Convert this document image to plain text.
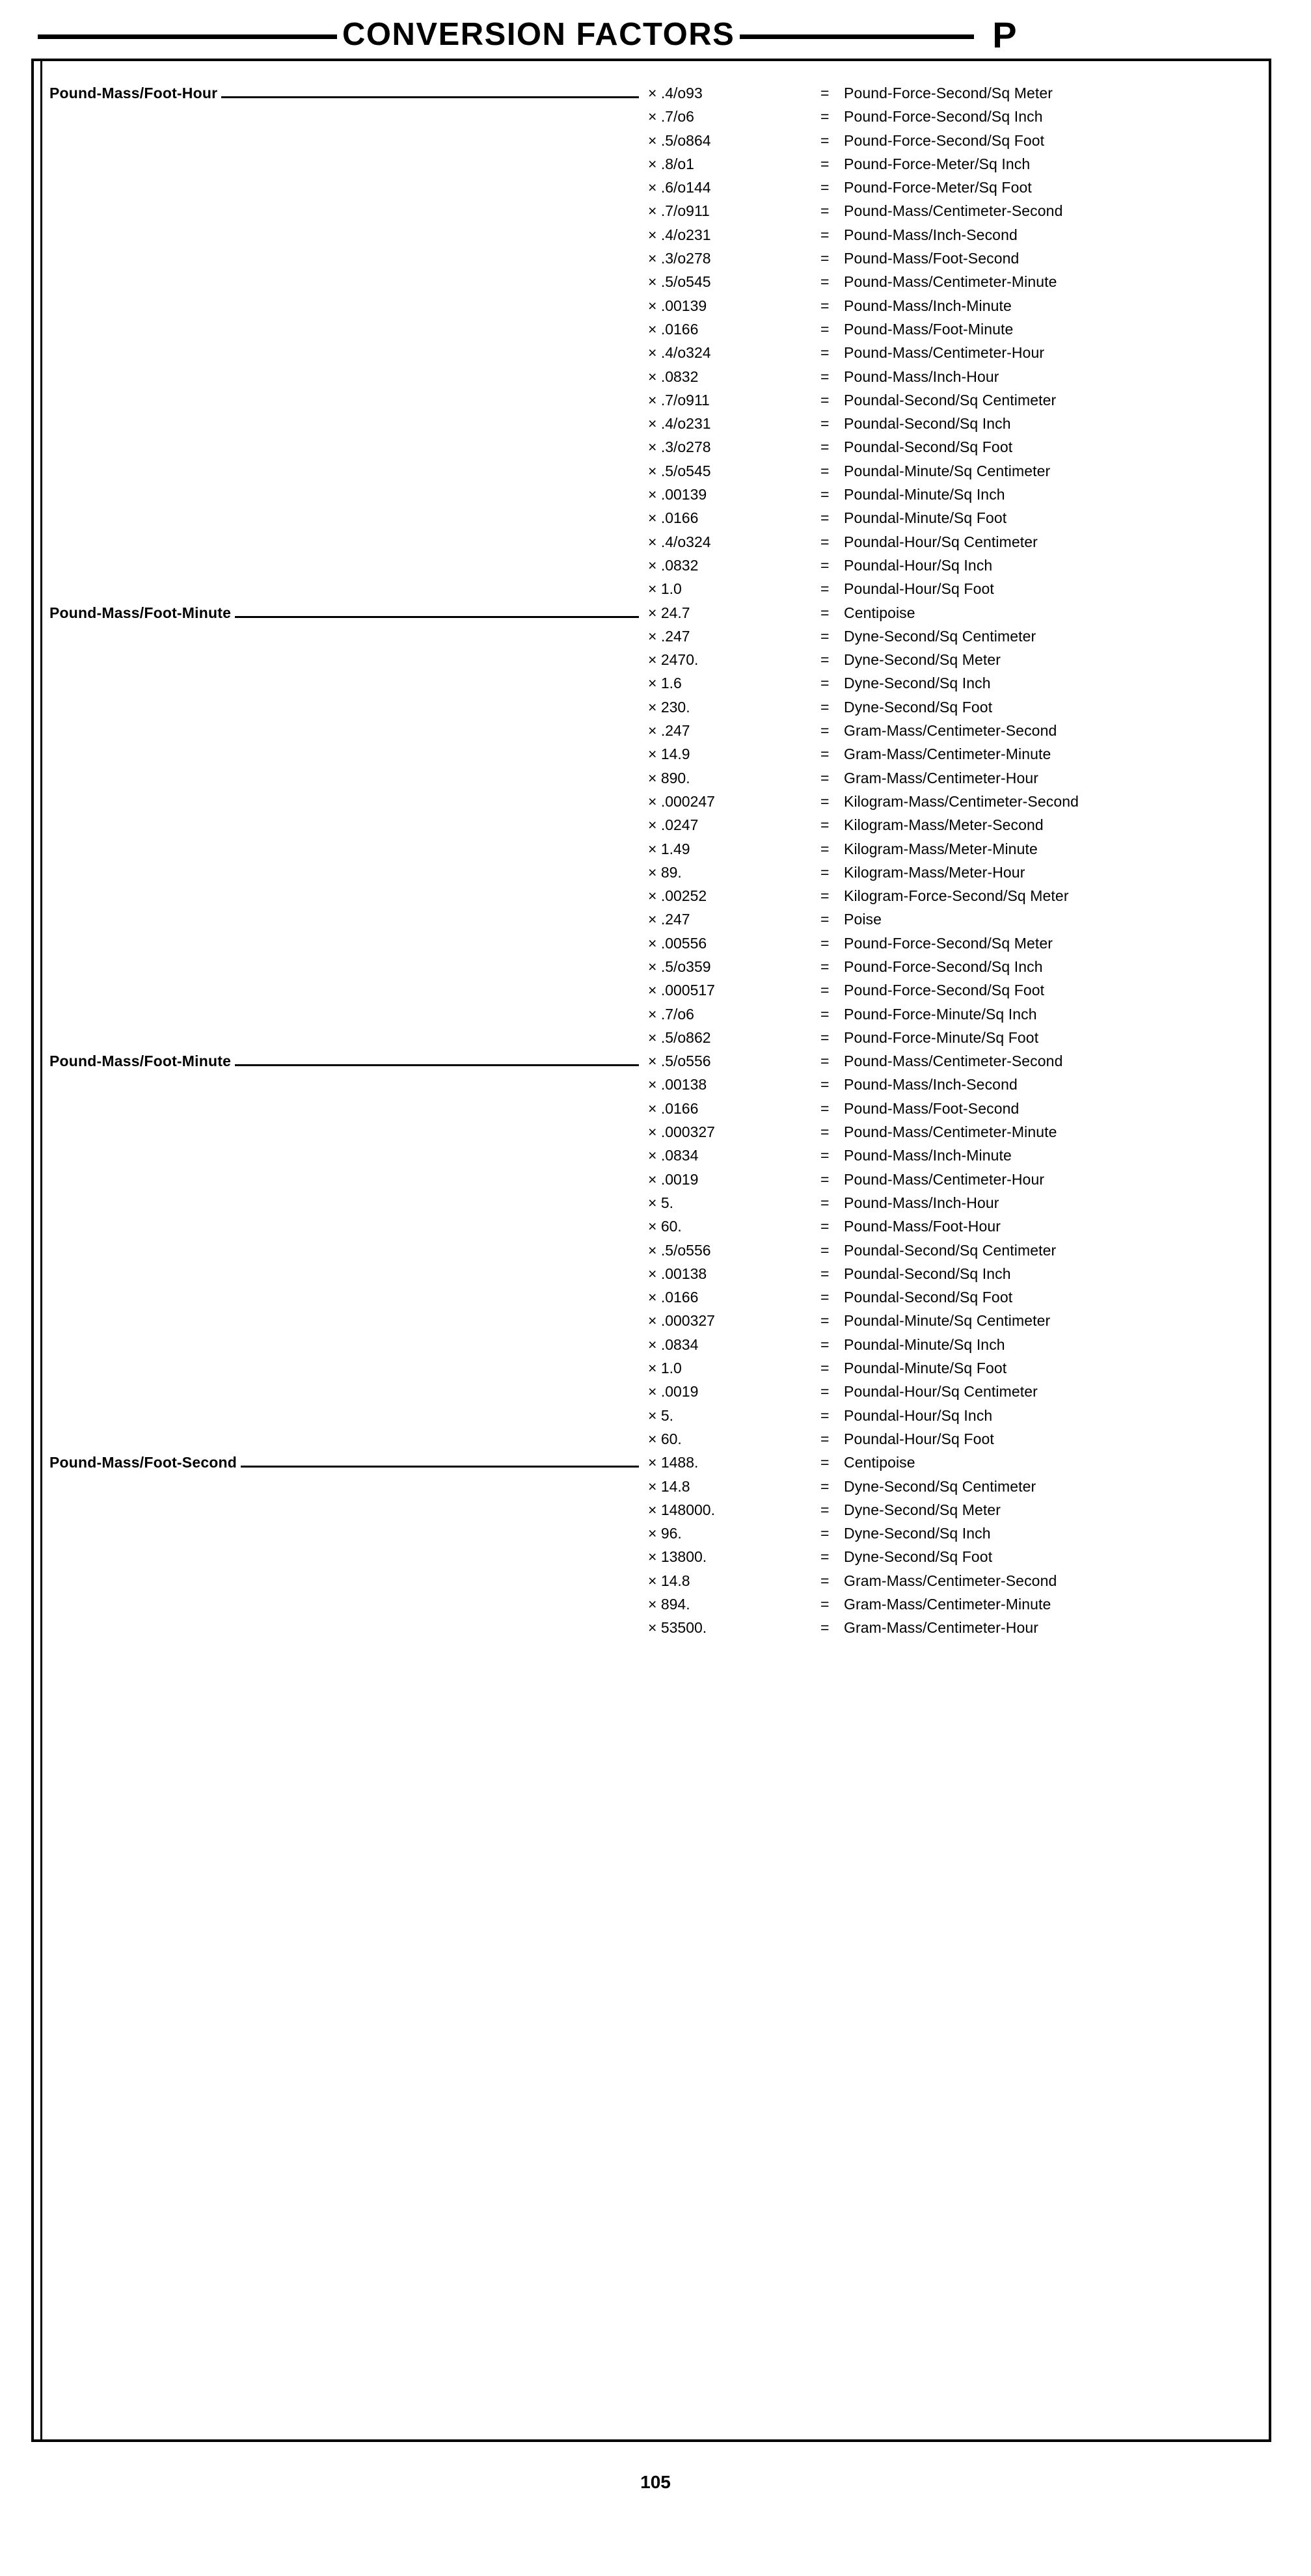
CONVERSION FACTORS	P
Pound-Mass/Foot-Hour	× .4/o93	= Pound-Force-Second/Sq Meter
× .7/o6	= Pound-Force-Second/Sq Inch
× .5/o864	= Pound-Force-Second/Sq Foot
× .8/o1	= Pound-Force-Meter/Sq Inch
× .6/o144	= Pound-Force-Meter/Sq Foot
× .7/o911	= Pound-Mass/Centimeter-Second
× .4/o231	= Pound-Mass/Inch-Second
× .3/o278	= Pound-Mass/Foot-Second
× .5/o545	= Pound-Mass/Centimeter-Minute
× .00139	= Pound-Mass/Inch-Minute
× .0166	= Pound-Mass/Foot-Minute
× .4/o324	= Pound-Mass/Centimeter-Hour
× .0832	= Pound-Mass/Inch-Hour
× .7/o911	= Poundal-Second/Sq Centimeter
× .4/o231	= Poundal-Second/Sq Inch
× .3/o278	= Poundal-Second/Sq Foot
× .5/o545	= Poundal-Minute/Sq Centimeter
× .00139	= Poundal-Minute/Sq Inch
× .0166	= Poundal-Minute/Sq Foot
× .4/o324	= Poundal-Hour/Sq Centimeter
× .0832	= Poundal-Hour/Sq Inch
× 1.0	= Poundal-Hour/Sq Foot
Pound-Mass/Foot-Minute	× 24.7	= Centipoise
× .247	= Dyne-Second/Sq Centimeter
× 2470.	= Dyne-Second/Sq Meter
× 1.6	= Dyne-Second/Sq Inch
× 230.	= Dyne-Second/Sq Foot
× .247	= Gram-Mass/Centimeter-Second
× 14.9	= Gram-Mass/Centimeter-Minute
× 890.	= Gram-Mass/Centimeter-Hour
× .000247	= Kilogram-Mass/Centimeter-Second
× .0247	= Kilogram-Mass/Meter-Second
× 1.49	= Kilogram-Mass/Meter-Minute
× 89.	= Kilogram-Mass/Meter-Hour
× .00252	= Kilogram-Force-Second/Sq Meter
× .247	= Poise
× .00556	= Pound-Force-Second/Sq Meter
× .5/o359	= Pound-Force-Second/Sq Inch
× .000517	= Pound-Force-Second/Sq Foot
× .7/o6	= Pound-Force-Minute/Sq Inch
× .5/o862	= Pound-Force-Minute/Sq Foot
Pound-Mass/Foot-Minute	× .5/o556	= Pound-Mass/Centimeter-Second
× .00138	= Pound-Mass/Inch-Second
× .0166	= Pound-Mass/Foot-Second
× .000327	= Pound-Mass/Centimeter-Minute
× .0834	= Pound-Mass/Inch-Minute
× .0019	= Pound-Mass/Centimeter-Hour
× 5.	= Pound-Mass/Inch-Hour
× 60.	= Pound-Mass/Foot-Hour
× .5/o556	= Poundal-Second/Sq Centimeter
× .00138	= Poundal-Second/Sq Inch
× .0166	= Poundal-Second/Sq Foot
× .000327	= Poundal-Minute/Sq Centimeter
× .0834	= Poundal-Minute/Sq Inch
× 1.0	= Poundal-Minute/Sq Foot
× .0019	= Poundal-Hour/Sq Centimeter
× 5.	= Poundal-Hour/Sq Inch
× 60.	= Poundal-Hour/Sq Foot
Pound-Mass/Foot-Second	× 1488.	= Centipoise
× 14.8	= Dyne-Second/Sq Centimeter
× 148000.	= Dyne-Second/Sq Meter
× 96.	= Dyne-Second/Sq Inch
× 13800.	= Dyne-Second/Sq Foot
× 14.8	= Gram-Mass/Centimeter-Second
× 894.	= Gram-Mass/Centimeter-Minute
× 53500.	= Gram-Mass/Centimeter-Hour
105
